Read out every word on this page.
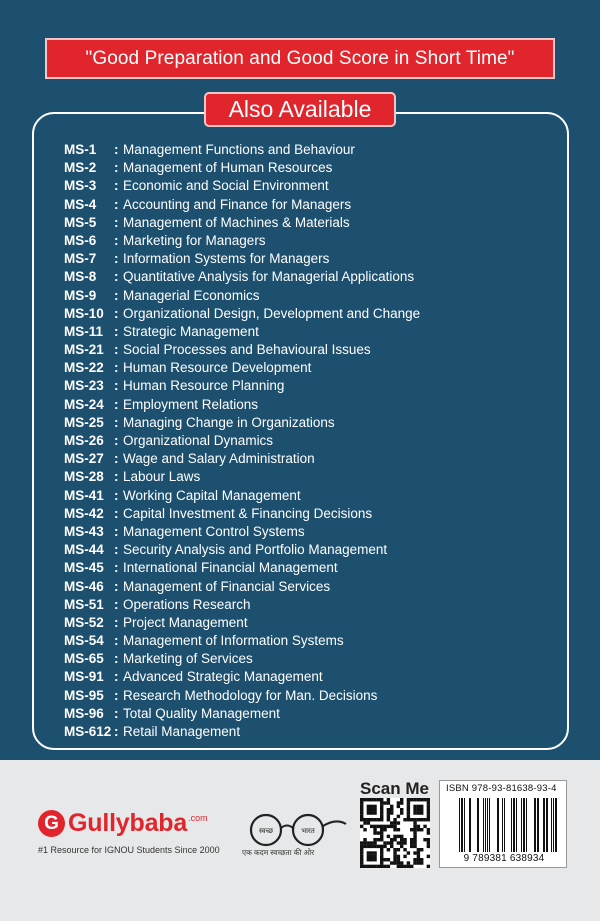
"Good Preparation and Good Score in Short Time"
Also Available
MS-1	: Management Functions and Behaviour
MS-2	: Management of Human Resources
MS-3	: Economic and Social Environment
MS-4	: Accounting and Finance for Managers
MS-5	: Management of Machines & Materials
MS-6	: Marketing for Managers
MS-7	: Information Systems for Managers
MS-8	: Quantitative Analysis for Managerial Applications
MS-9	: Managerial Economics
MS-10 : Organizational Design, Development and Change
MS-11 : Strategic Management
MS-21 : Social Processes and Behavioural Issues
MS-22 : Human Resource Development
MS-23 : Human Resource Planning
MS-24 : Employment Relations
MS-25 : Managing Change in Organizations
MS-26 : Organizational Dynamics
MS-27 : Wage and Salary Administration
MS-28 : Labour Laws
MS-41 : Working Capital Management
MS-42 : Capital Investment & Financing Decisions
MS-43 : Management Control Systems
MS-44 : Security Analysis and Portfolio Management
MS-45 : International Financial Management
MS-46 : Management of Financial Services
MS-51 : Operations Research
MS-52 : Project Management
MS-54 : Management of Information Systems
MS-65 : Marketing of Services
MS-91 : Advanced Strategic Management
MS-95 : Research Methodology for Man. Decisions
MS-96 : Total Quality Management
MS-612 : Retail Management
G Gullybaba .com
#1 Resource for IGNOU Students Since 2000
स्वच्छ	भारत
एक कदम स्वच्छता की ओर
Scan Me ISBN 978-93-81638-93-4
9 789381 638934
